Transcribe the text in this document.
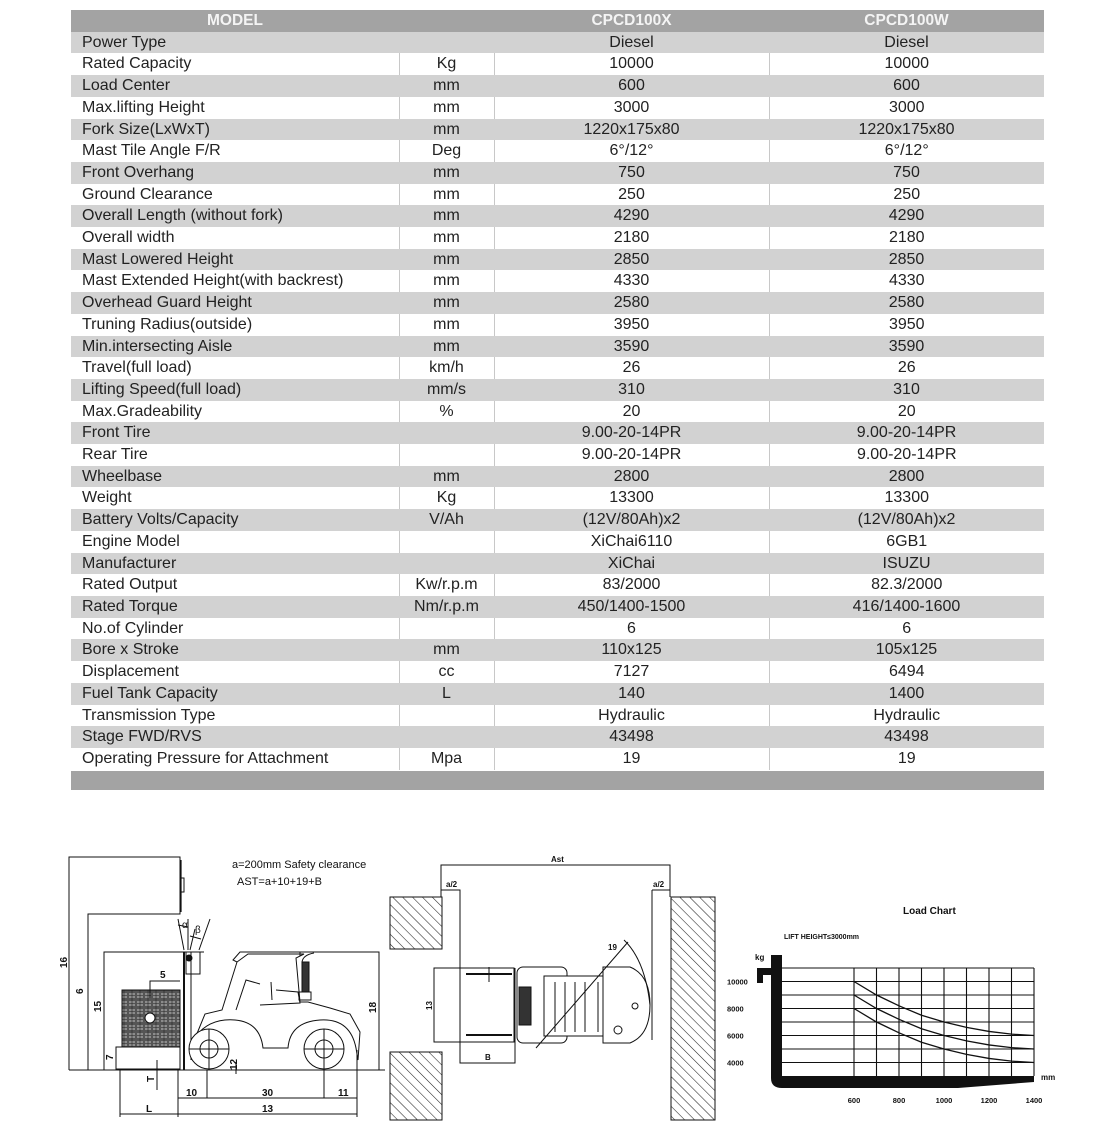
MODEL		CPCD100X	CPCD100W
Power Type		Diesel	Diesel
Rated Capacity	Kg	10000	10000
Load Center	mm	600	600
Max.lifting Height	mm	3000	3000
Fork Size(LxWxT)	mm	1220x175x80	1220x175x80
Mast Tile Angle F/R	Deg	6°/12°	6°/12°
Front Overhang	mm	750	750
Ground Clearance	mm	250	250
Overall Length (without fork)	mm	4290	4290
Overall width	mm	2180	2180
Mast Lowered Height	mm	2850	2850
Mast Extended Height(with backrest)	mm	4330	4330
Overhead Guard Height	mm	2580	2580
Truning Radius(outside)	mm	3950	3950
Min.intersecting Aisle	mm	3590	3590
Travel(full load)	km/h	26	26
Lifting Speed(full load)	mm/s	310	310
Max.Gradeability	%	20	20
Front Tire		9.00-20-14PR	9.00-20-14PR
Rear Tire		9.00-20-14PR	9.00-20-14PR
Wheelbase	mm	2800	2800
Weight	Kg	13300	13300
Battery Volts/Capacity	V/Ah	(12V/80Ah)x2	(12V/80Ah)x2
Engine Model		XiChai6110	6GB1
Manufacturer		XiChai	ISUZU
Rated Output	Kw/r.p.m	83/2000	82.3/2000
Rated Torque	Nm/r.p.m	450/1400-1500	416/1400-1600
No.of Cylinder		6	6
Bore x Stroke	mm	110x125	105x125
Displacement	cc	7127	6494
Fuel Tank Capacity	L	140	1400
Transmission Type		Hydraulic	Hydraulic
Stage FWD/RVS		43498	43498
Operating Pressure for Attachment	Mpa	19	19

a=200mm Safety clearance
AST=a+10+19+B
16
6
15
7
5
18
12
10	30	11
13
L
T
α β
Ast
a/2	a/2
19
13
B
Load Chart
LIFT HEIGHT≤3000mm
kg
mm
10000
8000
6000
4000
600	800	1000	1200	1400
